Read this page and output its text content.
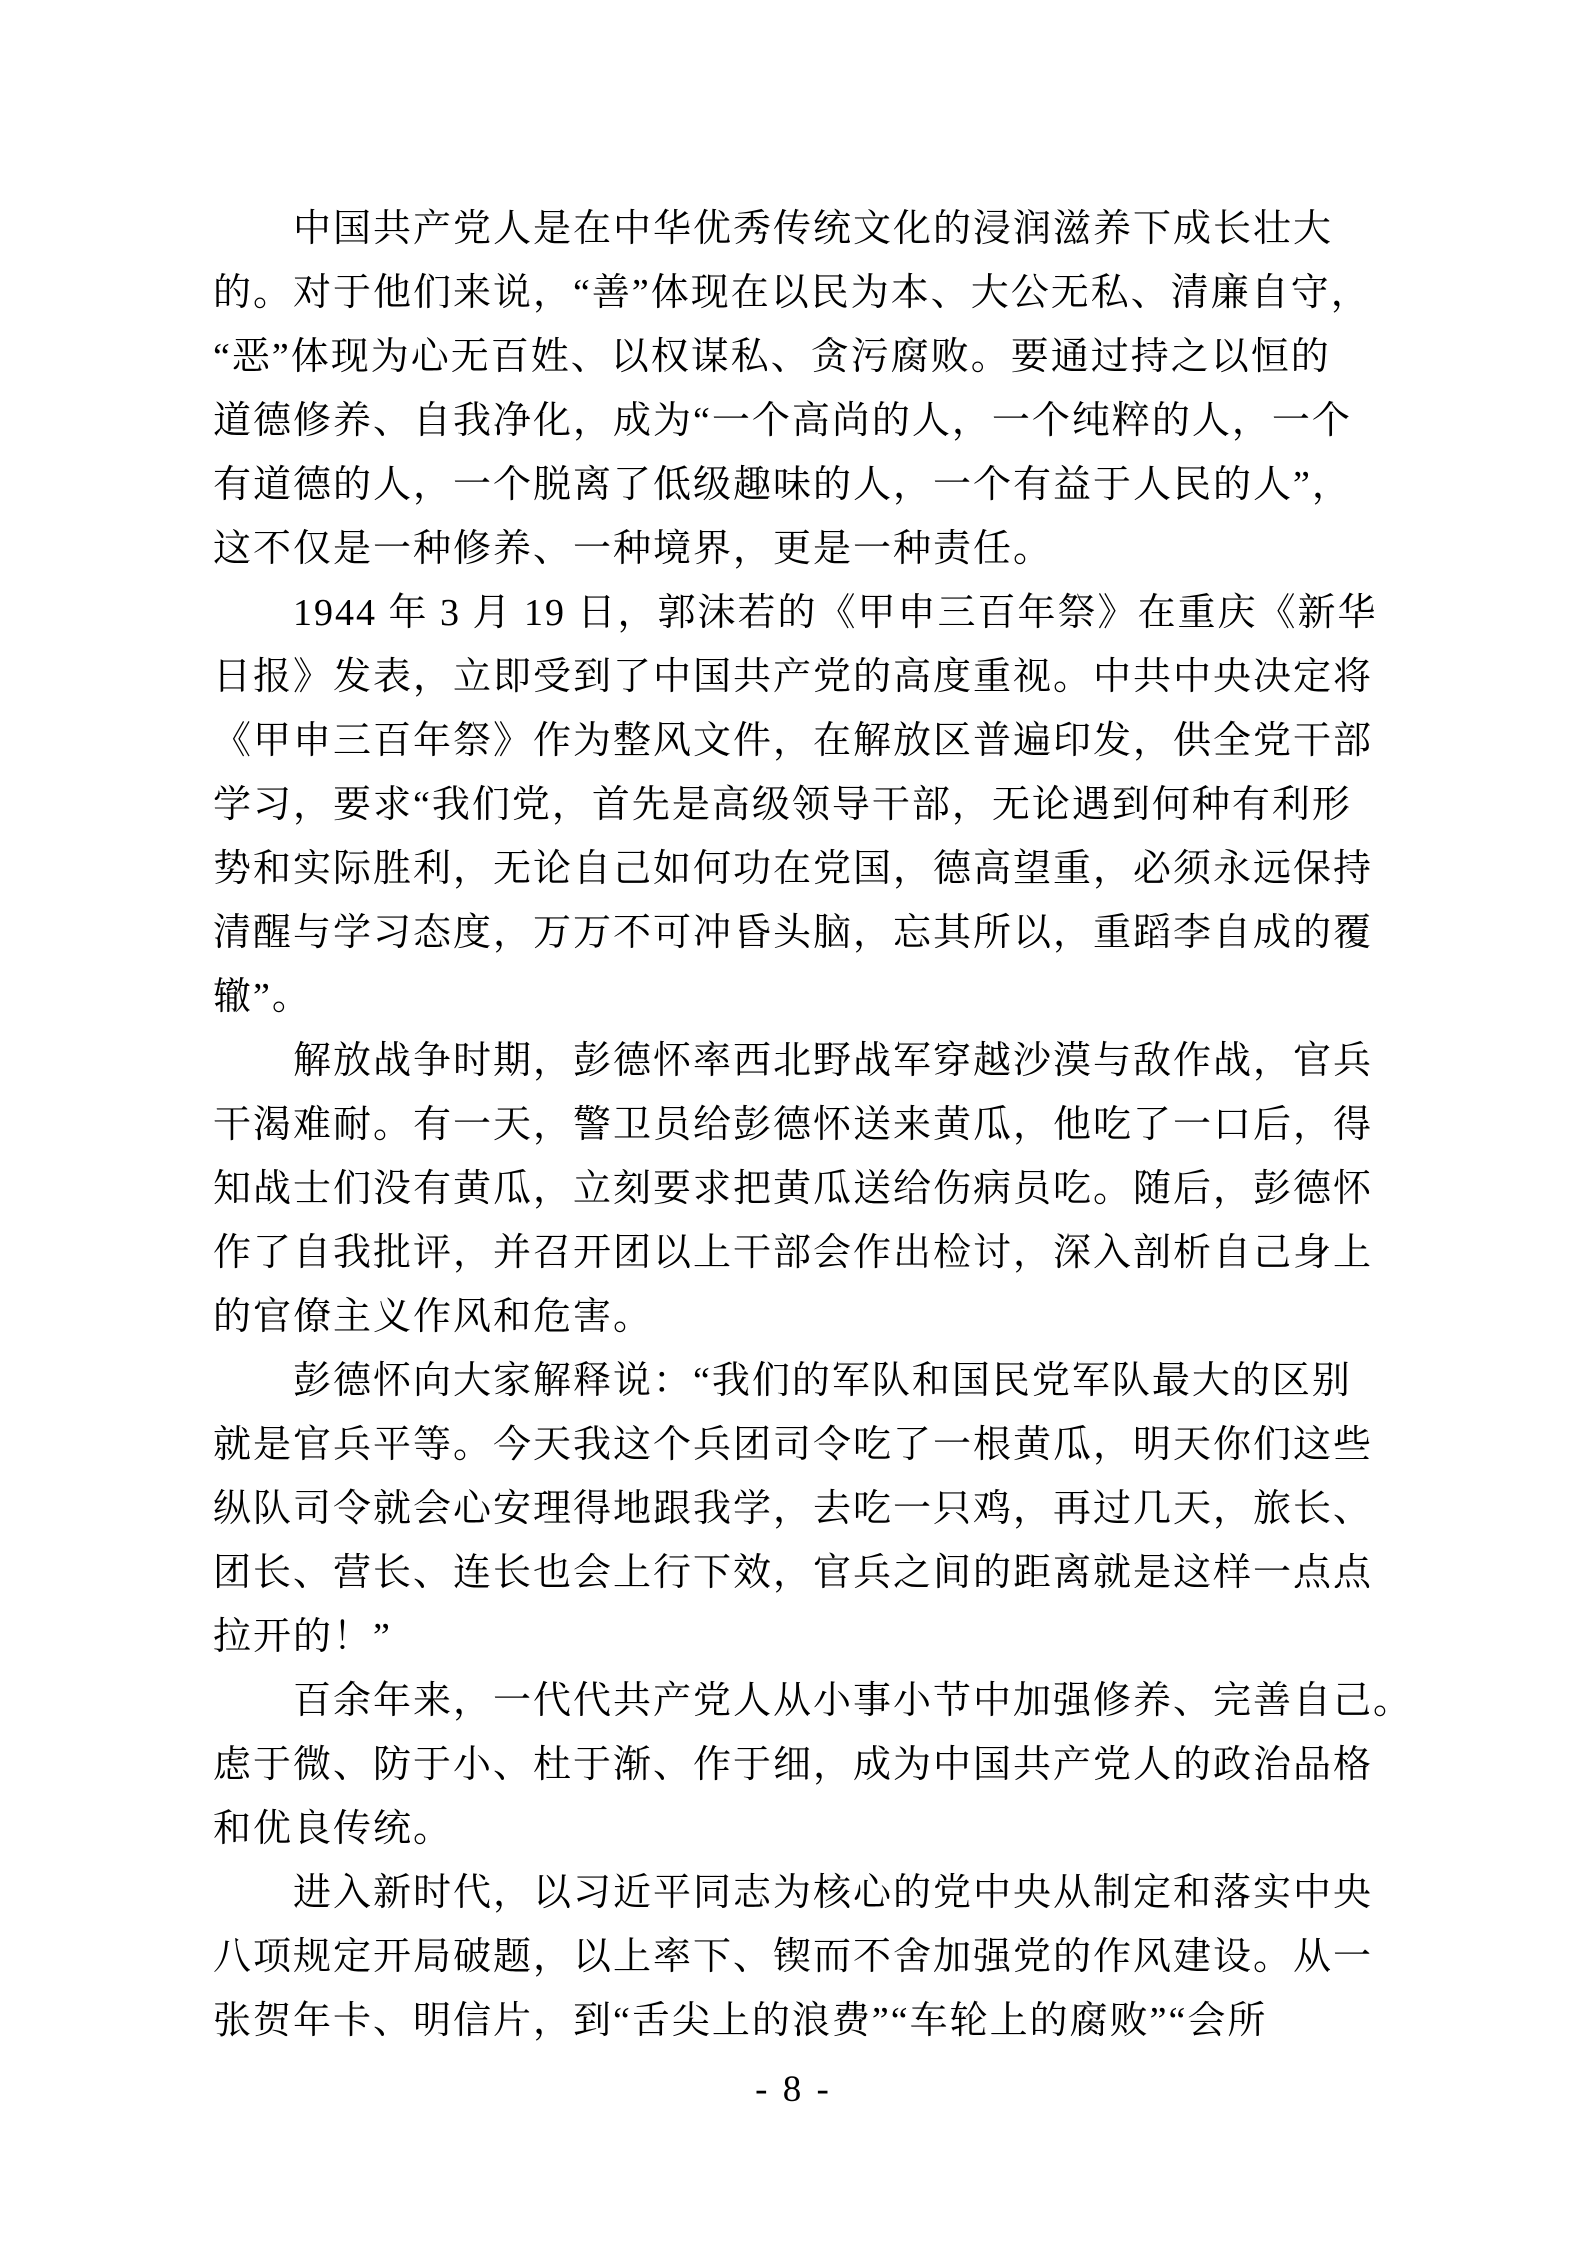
中国共产党人是在中华优秀传统文化的浸润滋养下成长壮大
的。对于他们来说，“善”体现在以民为本、大公无私、清廉自守，
“恶”体现为心无百姓、以权谋私、贪污腐败。要通过持之以恒的
道德修养、自我净化，成为“一个高尚的人，一个纯粹的人，一个
有道德的人，一个脱离了低级趣味的人，一个有益于人民的人”，
这不仅是一种修养、一种境界，更是一种责任。
1944 年 3 月 19 日，郭沫若的《甲申三百年祭》在重庆《新华
日报》发表，立即受到了中国共产党的高度重视。中共中央决定将
《甲申三百年祭》作为整风文件，在解放区普遍印发，供全党干部
学习，要求“我们党，首先是高级领导干部，无论遇到何种有利形
势和实际胜利，无论自己如何功在党国，德高望重，必须永远保持
清醒与学习态度，万万不可冲昏头脑，忘其所以，重蹈李自成的覆
辙”。
解放战争时期，彭德怀率西北野战军穿越沙漠与敌作战，官兵
干渴难耐。有一天，警卫员给彭德怀送来黄瓜，他吃了一口后，得
知战士们没有黄瓜，立刻要求把黄瓜送给伤病员吃。随后，彭德怀
作了自我批评，并召开团以上干部会作出检讨，深入剖析自己身上
的官僚主义作风和危害。
彭德怀向大家解释说：“我们的军队和国民党军队最大的区别
就是官兵平等。今天我这个兵团司令吃了一根黄瓜，明天你们这些
纵队司令就会心安理得地跟我学，去吃一只鸡，再过几天，旅长、
团长、营长、连长也会上行下效，官兵之间的距离就是这样一点点
拉开的！”
百余年来，一代代共产党人从小事小节中加强修养、完善自己。
虑于微、防于小、杜于渐、作于细，成为中国共产党人的政治品格
和优良传统。
进入新时代，以习近平同志为核心的党中央从制定和落实中央
八项规定开局破题，以上率下、锲而不舍加强党的作风建设。从一
张贺年卡、明信片，到“舌尖上的浪费”“车轮上的腐败”“会所
- 8 -
